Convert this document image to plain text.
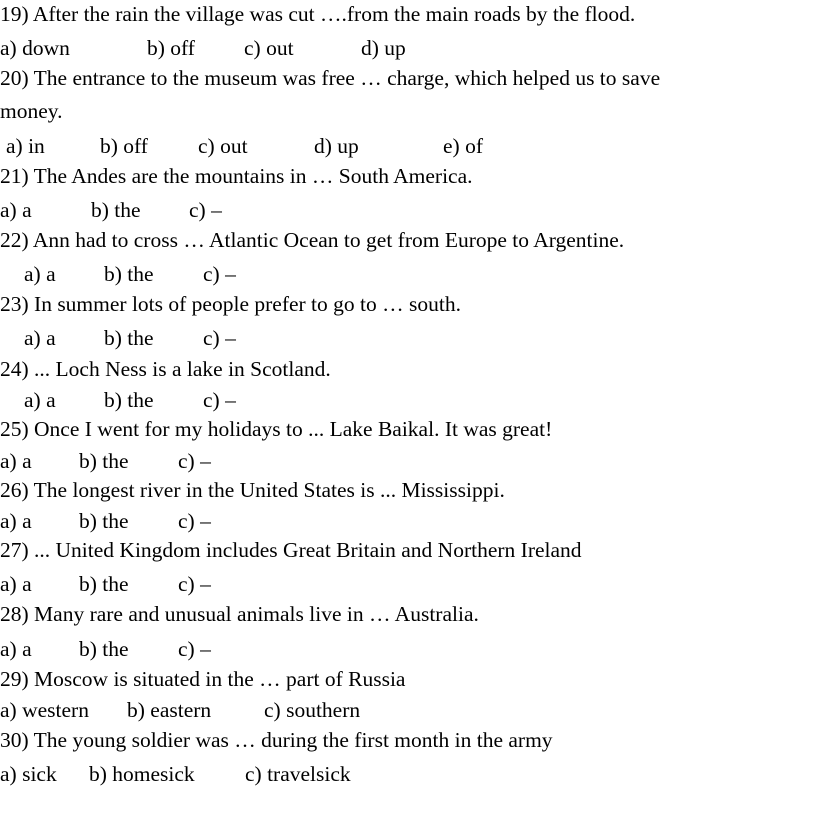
19) After the rain the village was cut ….from the main roads by the flood.
a) down	b) off c) out	d) up
20) The entrance to the museum was free … charge, which helped us to save
money.
a) in	b) off c) out	d) up	e) of
21) The Andes are the mountains in … South America.
a) a	b) the c) –
22) Ann had to cross … Atlantic Ocean to get from Europe to Argentine.
a) a b) the c) –
23) In summer lots of people prefer to go to … south.
a) a b) the c) –
24) ... Loch Ness is a lake in Scotland.
a) a b) the c) –
25) Once I went for my holidays to ... Lake Baikal. It was great!
a) a b) the c) –
26) The longest river in the United States is ... Mississippi.
a) a b) the c) –
27) ... United Kingdom includes Great Britain and Northern Ireland
a) a b) the c) –
28) Many rare and unusual animals live in … Australia.
a) a b) the c) –
29) Moscow is situated in the … part of Russia
a) western b) eastern c) southern
30) The young soldier was … during the first month in the army
a) sick b) homesick c) travelsick
